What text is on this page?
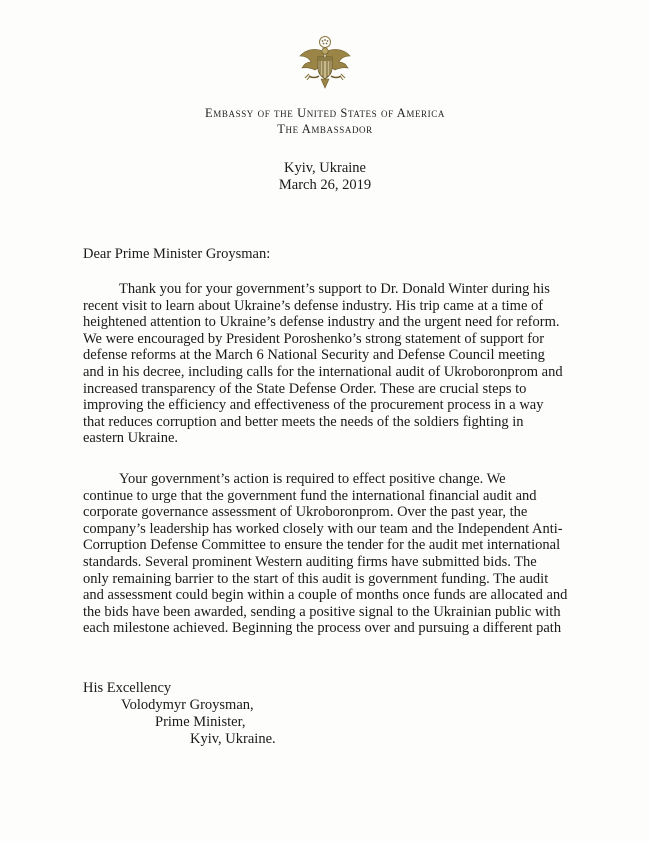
Embassy of the United States of America
The Ambassador
Kyiv, Ukraine
March 26, 2019
Dear Prime Minister Groysman:
Thank you for your government’s support to Dr. Donald Winter during his
recent visit to learn about Ukraine’s defense industry. His trip came at a time of
heightened attention to Ukraine’s defense industry and the urgent need for reform.
We were encouraged by President Poroshenko’s strong statement of support for
defense reforms at the March 6 National Security and Defense Council meeting
and in his decree, including calls for the international audit of Ukroboronprom and
increased transparency of the State Defense Order. These are crucial steps to
improving the efficiency and effectiveness of the procurement process in a way
that reduces corruption and better meets the needs of the soldiers fighting in
eastern Ukraine.
Your government’s action is required to effect positive change. We
continue to urge that the government fund the international financial audit and
corporate governance assessment of Ukroboronprom. Over the past year, the
company’s leadership has worked closely with our team and the Independent Anti-
Corruption Defense Committee to ensure the tender for the audit met international
standards. Several prominent Western auditing firms have submitted bids. The
only remaining barrier to the start of this audit is government funding. The audit
and assessment could begin within a couple of months once funds are allocated and
the bids have been awarded, sending a positive signal to the Ukrainian public with
each milestone achieved. Beginning the process over and pursuing a different path
His Excellency
Volodymyr Groysman,
Prime Minister,
Kyiv, Ukraine.
